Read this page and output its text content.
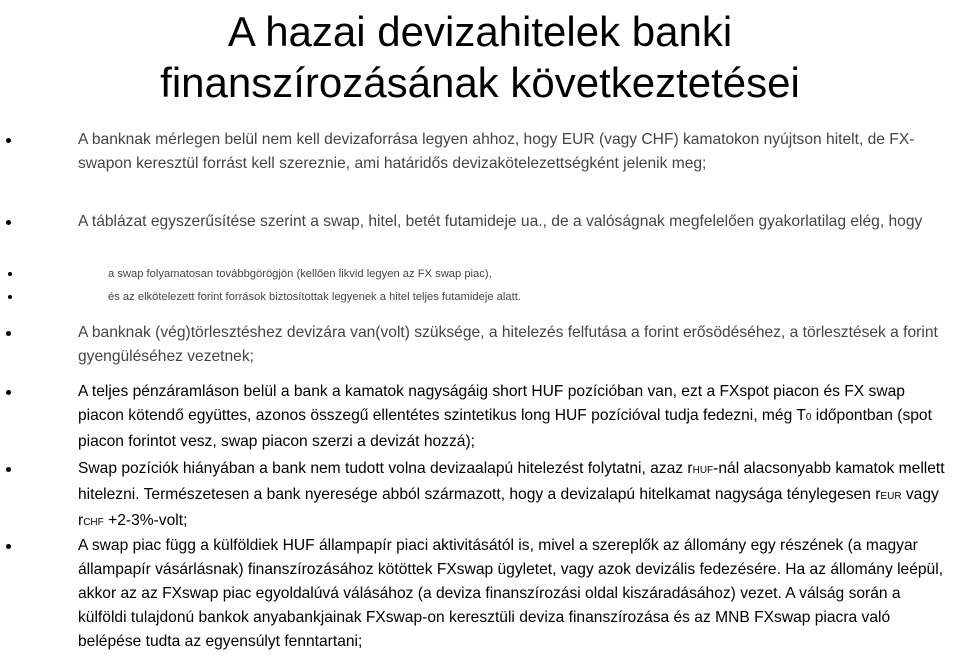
A hazai devizahitelek banki
finanszírozásának következtetései
A banknak mérlegen belül nem kell devizaforrása legyen ahhoz, hogy EUR (vagy CHF) kamatokon nyújtson hitelt, de FX-swapon keresztül forrást kell szereznie, ami határidős devizakötelezettségként jelenik meg;
A táblázat egyszerűsítése szerint a swap, hitel, betét futamideje ua., de a valóságnak megfelelően gyakorlatilag elég, hogy
a swap folyamatosan továbbgörögjön (kellően likvid legyen az FX swap piac),
és az elkötelezett forint források biztosítottak legyenek a hitel teljes futamideje alatt.
A banknak (vég)törlesztéshez devizára van(volt) szüksége, a hitelezés felfutása a forint erősödéséhez, a törlesztések a forint gyengüléséhez vezetnek;
A teljes pénzáramláson belül a bank a kamatok nagyságáig short HUF pozícióban van, ezt a FXspot piacon és FX swap piacon kötendő együttes, azonos összegű ellentétes szintetikus long HUF pozícióval tudja fedezni, még T0 időpontban (spot piacon forintot vesz, swap piacon szerzi a devizát hozzá);
Swap pozíciók hiányában a bank nem tudott volna devizaalapú hitelezést folytatni, azaz rHUF-nál alacsonyabb kamatok mellett hitelezni. Természetesen a bank nyeresége abból származott, hogy a devizalapú hitelkamat nagysága ténylegesen rEUR vagy rCHF +2-3%-volt;
A swap piac függ a külföldiek HUF állampapír piaci aktivitásától is, mivel a szereplők az állomány egy részének (a magyar állampapír vásárlásnak) finanszírozásához kötöttek FXswap ügyletet, vagy azok devizális fedezésére. Ha az állomány leépül, akkor az az FXswap piac egyoldalúvá válásához (a deviza finanszírozási oldal kiszáradásához) vezet. A válság során a külföldi tulajdonú bankok anyabankjainak FXswap-on keresztüli deviza finanszírozása és az MNB FXswap piacra való belépése tudta az egyensúlyt fenntartani;
